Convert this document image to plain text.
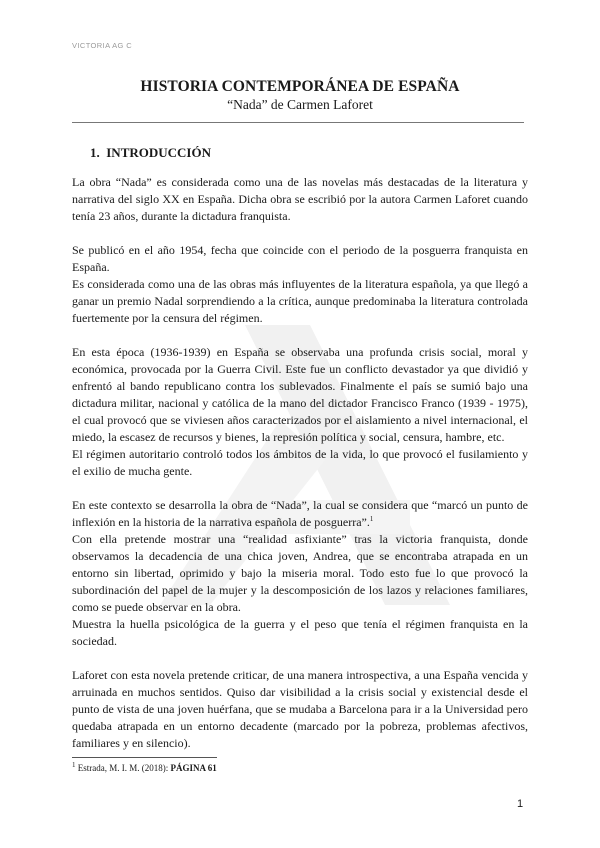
VICTORIA AG C
HISTORIA CONTEMPORÁNEA DE ESPAÑA
“Nada” de Carmen Laforet
1. INTRODUCCIÓN

La obra “Nada” es considerada como una de las novelas más destacadas de la literatura y narrativa del siglo XX en España. Dicha obra se escribió por la autora Carmen Laforet cuando tenía 23 años, durante la dictadura franquista.

Se publicó en el año 1954, fecha que coincide con el periodo de la posguerra franquista en España.

Es considerada como una de las obras más influyentes de la literatura española, ya que llegó a ganar un premio Nadal sorprendiendo a la crítica, aunque predominaba la literatura controlada fuertemente por la censura del régimen.

En esta época (1936-1939) en España se observaba una profunda crisis social, moral y económica, provocada por la Guerra Civil. Este fue un conflicto devastador ya que dividió y enfrentó al bando republicano contra los sublevados. Finalmente el país se sumió bajo una dictadura militar, nacional y católica de la mano del dictador Francisco Franco (1939 - 1975), el cual provocó que se viviesen años caracterizados por el aislamiento a nivel internacional, el miedo, la escasez de recursos y bienes, la represión política y social, censura, hambre, etc.

El régimen autoritario controló todos los ámbitos de la vida, lo que provocó el fusilamiento y el exilio de mucha gente.

En este contexto se desarrolla la obra de “Nada”, la cual se considera que “marcó un punto de inflexión en la historia de la narrativa española de posguerra”.$^1$

Con ella pretende mostrar una “realidad asfixiante” tras la victoria franquista, donde observamos la decadencia de una chica joven, Andrea, que se encontraba atrapada en un entorno sin libertad, oprimido y bajo la miseria moral. Todo esto fue lo que provocó la subordinación del papel de la mujer y la descomposición de los lazos y relaciones familiares, como se puede observar en la obra.

Muestra la huella psicológica de la guerra y el peso que tenía el régimen franquista en la sociedad.

Laforet con esta novela pretende criticar, de una manera introspectiva, a una España vencida y arruinada en muchos sentidos. Quiso dar visibilidad a la crisis social y existencial desde el punto de vista de una joven huérfana, que se mudaba a Barcelona para ir a la Universidad pero quedaba atrapada en un entorno decadente (marcado por la pobreza, problemas afectivos, familiares y en silencio).

$^1$ Estrada, M. I. M. (2018): PÁGINA 61
1
